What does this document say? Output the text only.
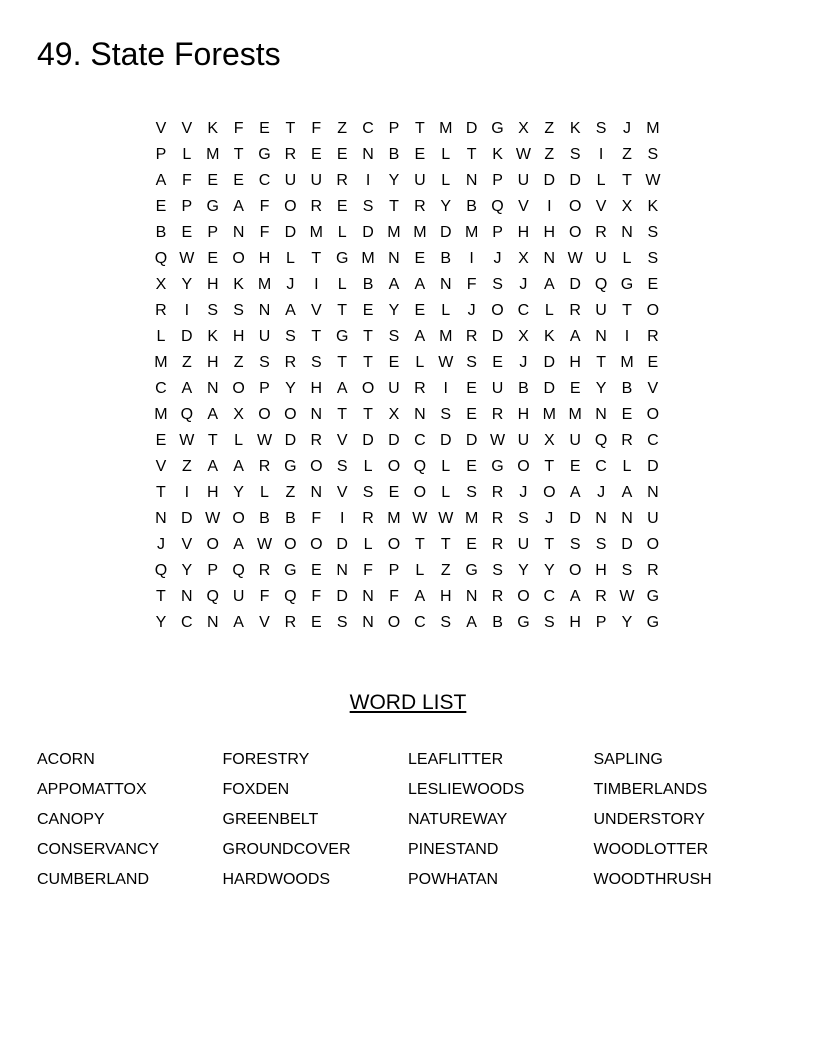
49. State Forests
V V K F E T	F	Z C P T M D G X Z K S	J M
P	L M T G R E E N B E	L	T K W Z S	I	Z S
A F E E C U U R	I	Y U L N P U D D L	T W
E P G A F O R E S T R Y B Q V	I	O V X K
B E P N F D M L D M M D M P H H O R N S
Q W E O H L	T G M N E B	I	J	X N W U L	S
X Y H K M J	I	L	B A A N F S	J	A D Q G E
R	I	S S N A V T E Y E	L	J O C L R U T O
L D K H U S T G T S A M R D X K A N	I	R
M Z H Z S R S T	T E	L W S E	J	D H T M E
C A N O P Y H A O U R	I	E U B D E Y B V
M Q A X O O N T	T X N S E R H M M N E O
E W T	L W D R V D D C D D W U X U Q R C
V Z A A R G O S	L O Q L	E G O T E C L D
T	I	H Y	L	Z N V S E O L	S R	J O A	J	A N
N D W O B B F	I	R M W W M R S	J	D N N U
J	V O A W O O D L O T	T E R U T S S D O
Q Y P Q R G E N F P	L	Z G S Y Y O H S R
T N Q U F Q F D N F A H N R O C A R W G
Y C N A V R E S N O C S A B G S H P Y G
WORD LIST
ACORN	FORESTRY	LEAFLITTER	SAPLING
APPOMATTOX	FOXDEN	LESLIEWOODS	TIMBERLANDS
CANOPY	GREENBELT	NATUREWAY	UNDERSTORY
CONSERVANCY	GROUNDCOVER	PINESTAND	WOODLOTTER
CUMBERLAND	HARDWOODS	POWHATAN	WOODTHRUSH
